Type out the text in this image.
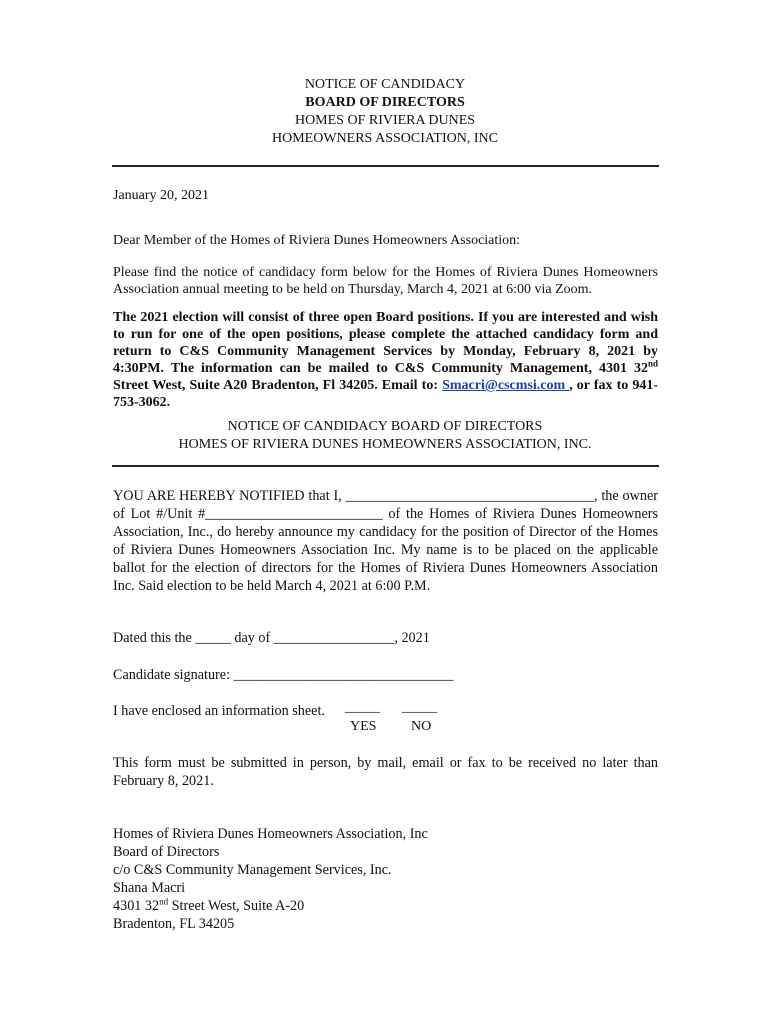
NOTICE OF CANDIDACY
BOARD OF DIRECTORS
HOMES OF RIVIERA DUNES
HOMEOWNERS ASSOCIATION, INC
January 20, 2021
Dear Member of the Homes of Riviera Dunes Homeowners Association:
Please find the notice of candidacy form below for the Homes of Riviera Dunes Homeowners Association annual meeting to be held on Thursday, March 4, 2021 at 6:00 via Zoom.
The 2021 election will consist of three open Board positions. If you are interested and wish to run for one of the open positions, please complete the attached candidacy form and return to C&S Community Management Services by Monday, February 8, 2021 by 4:30PM. The information can be mailed to C&S Community Management, 4301 32nd Street West, Suite A20 Bradenton, Fl 34205. Email to: Smacri@cscmsi.com , or fax to 941-753-3062.
NOTICE OF CANDIDACY BOARD OF DIRECTORS
HOMES OF RIVIERA DUNES HOMEOWNERS ASSOCIATION, INC.
YOU ARE HEREBY NOTIFIED that I, ___________________________________, the owner of Lot #/Unit #_________________________ of the Homes of Riviera Dunes Homeowners Association, Inc., do hereby announce my candidacy for the position of Director of the Homes of Riviera Dunes Homeowners Association Inc. My name is to be placed on the applicable ballot for the election of directors for the Homes of Riviera Dunes Homeowners Association Inc. Said election to be held March 4, 2021 at 6:00 P.M.
Dated this the _____ day of _________________, 2021
Candidate signature: _______________________________
I have enclosed an information sheet.	_____ _____
YES NO
This form must be submitted in person, by mail, email or fax to be received no later than February 8, 2021.
Homes of Riviera Dunes Homeowners Association, Inc
Board of Directors
c/o C&S Community Management Services, Inc.
Shana Macri
4301 32nd Street West, Suite A-20
Bradenton, FL 34205
